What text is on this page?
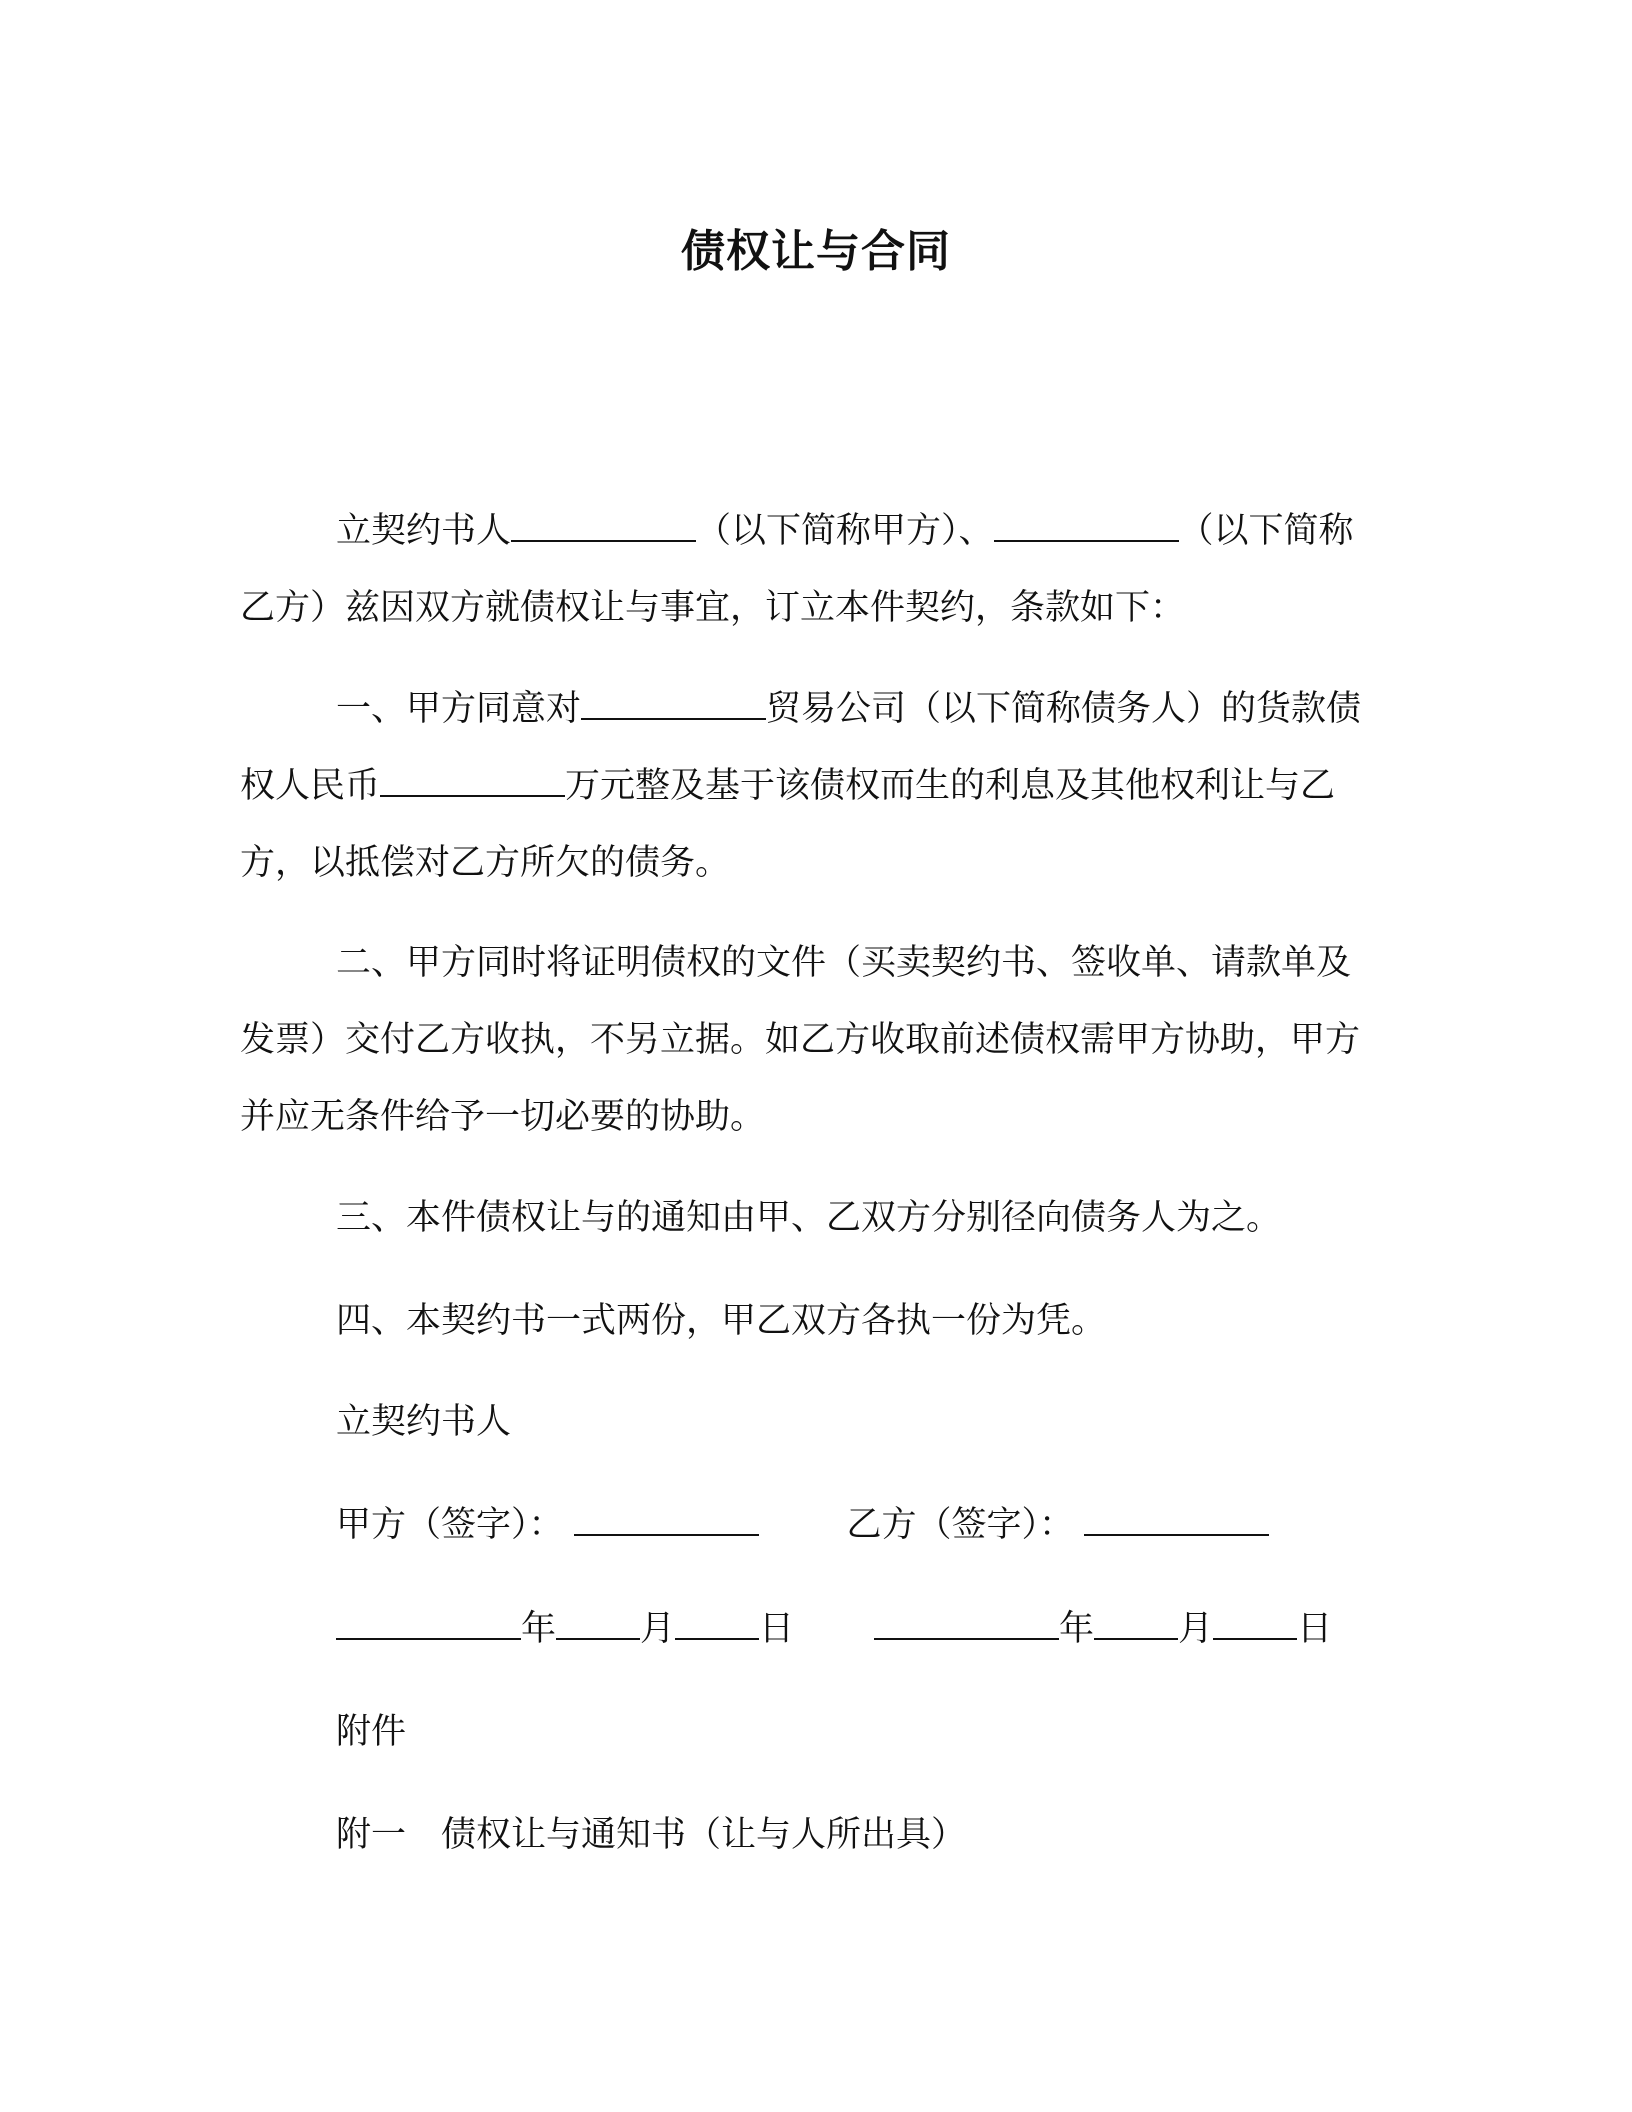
债权让与合同

立契约书人	（以下简称甲方）、	（以下简称乙方）兹因双方就债权让与事宜，订立本件契约，条款如下：

一、甲方同意对	贸易公司（以下简称债务人）的货款债权人民币	万元整及基于该债权而生的利息及其他权利让与乙方，以抵偿对乙方所欠的债务。

二、甲方同时将证明债权的文件（买卖契约书、签收单、请款单及发票）交付乙方收执，不另立据。如乙方收取前述债权需甲方协助，甲方并应无条件给予一切必要的协助。

三、本件债权让与的通知由甲、乙双方分别径向债务人为之。

四、本契约书一式两份，甲乙双方各执一份为凭。

立契约书人
甲方（签字）：	乙方（签字）：
年 月 日	年 月 日
附件
附一　债权让与通知书（让与人所出具）
